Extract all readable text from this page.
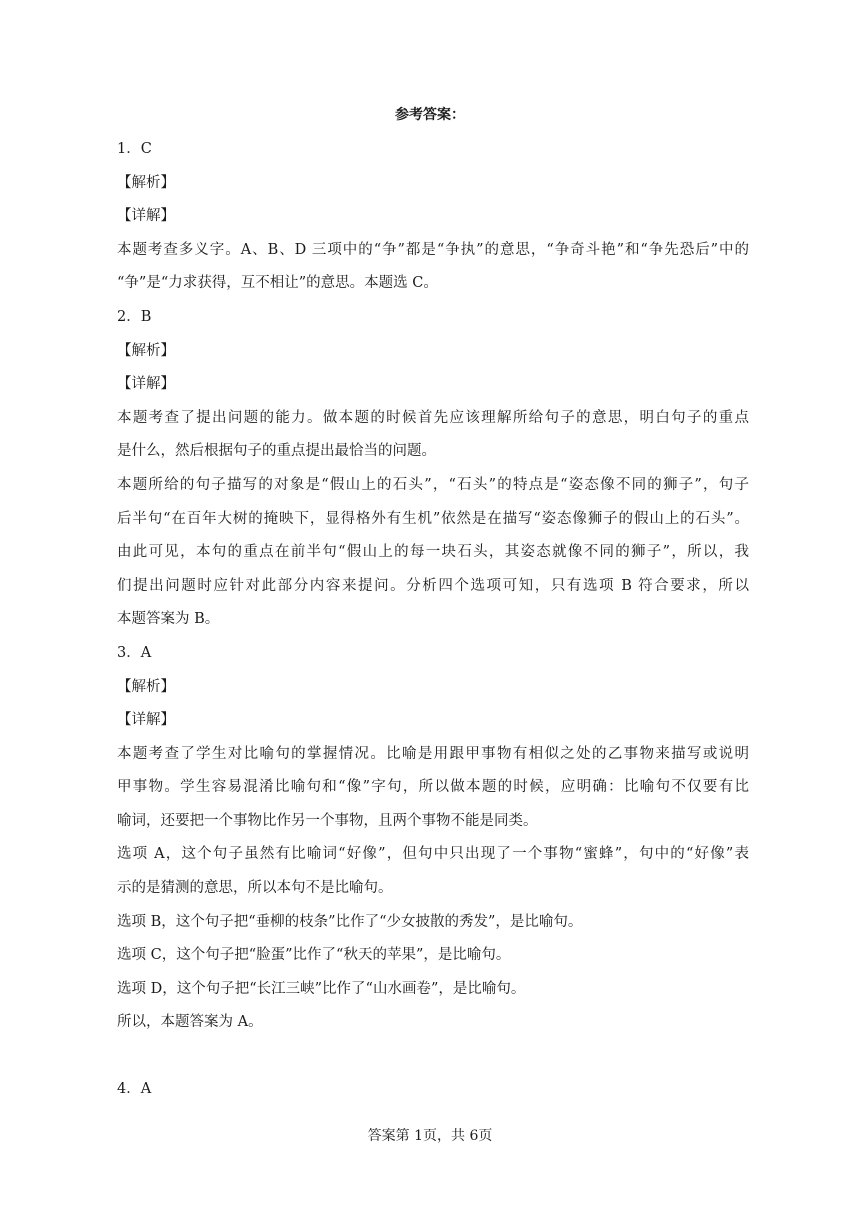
参考答案：
1．C
【解析】
【详解】
本题考查多义字。A、B、D 三项中的“争”都是“争执”的意思，“争奇斗艳”和“争先恐后”中的
“争”是“力求获得，互不相让”的意思。本题选 C。
2．B
【解析】
【详解】
本题考查了提出问题的能力。做本题的时候首先应该理解所给句子的意思，明白句子的重点
是什么，然后根据句子的重点提出最恰当的问题。
本题所给的句子描写的对象是“假山上的石头”，“石头”的特点是“姿态像不同的狮子”，句子
后半句“在百年大树的掩映下，显得格外有生机”依然是在描写“姿态像狮子的假山上的石头”。
由此可见，本句的重点在前半句“假山上的每一块石头，其姿态就像不同的狮子”，所以，我
们提出问题时应针对此部分内容来提问。分析四个选项可知，只有选项 B 符合要求，所以
本题答案为 B。
3．A
【解析】
【详解】
本题考查了学生对比喻句的掌握情况。比喻是用跟甲事物有相似之处的乙事物来描写或说明
甲事物。学生容易混淆比喻句和“像”字句，所以做本题的时候，应明确：比喻句不仅要有比
喻词，还要把一个事物比作另一个事物，且两个事物不能是同类。
选项 A，这个句子虽然有比喻词“好像”，但句中只出现了一个事物“蜜蜂”，句中的“好像”表
示的是猜测的意思，所以本句不是比喻句。
选项 B，这个句子把“垂柳的枝条”比作了“少女披散的秀发”，是比喻句。
选项 C，这个句子把“脸蛋”比作了“秋天的苹果”，是比喻句。
选项 D，这个句子把“长江三峡”比作了“山水画卷”，是比喻句。
所以，本题答案为 A。
4．A
答案第 1页，共 6页
